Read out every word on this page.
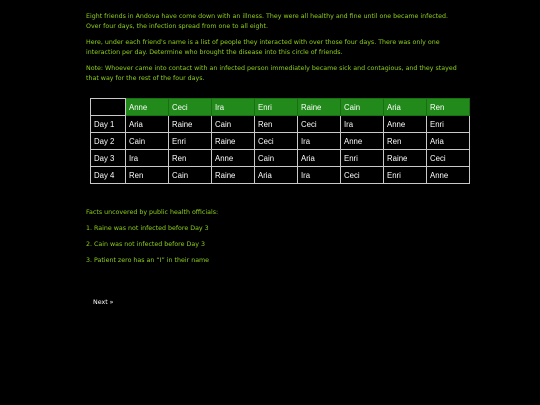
Eight friends in Andova have come down with an illness. They were all healthy and fine until one became infected. Over four days, the infection spread from one to all eight.

Here, under each friend's name is a list of people they interacted with over those four days. There was only one interaction per day. Determine who brought the disease into this circle of friends.

Note: Whoever came into contact with an infected person immediately became sick and contagious, and they stayed that way for the rest of the four days.

	Anne	Ceci	Ira	Enri	Raine	Cain	Aria	Ren
Day 1	Aria	Raine	Cain	Ren	Ceci	Ira	Anne	Enri
Day 2	Cain	Enri	Raine	Ceci	Ira	Anne	Ren	Aria
Day 3	Ira	Ren	Anne	Cain	Aria	Enri	Raine	Ceci
Day 4	Ren	Cain	Raine	Aria	Ira	Ceci	Enri	Anne

Facts uncovered by public health officials:

1. Raine was not infected before Day 3

2. Cain was not infected before Day 3

3. Patient zero has an “I” in their name

Next »
